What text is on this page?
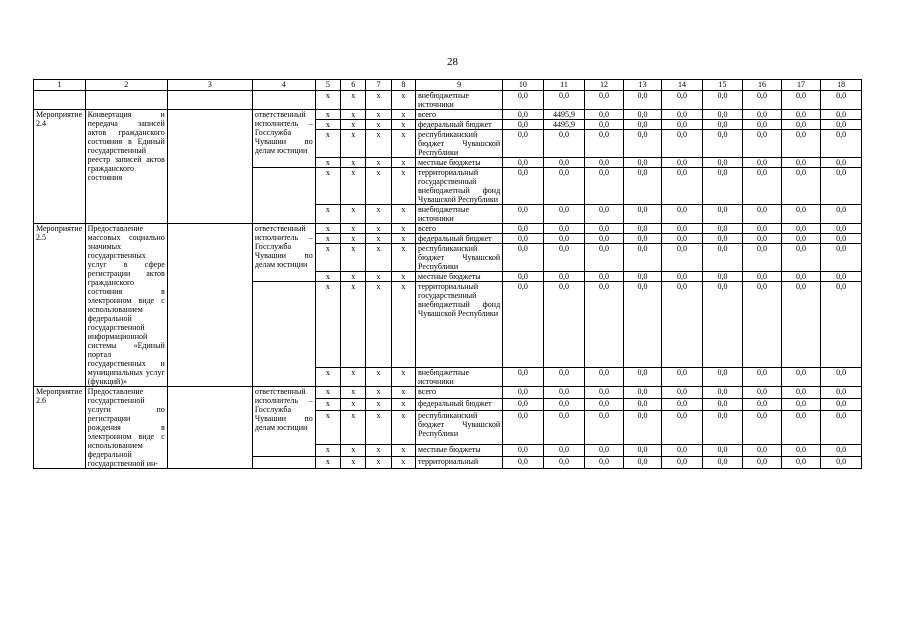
28
1	2	3	4	5	6	7	8	9	10	11	12	13	14	15	16	17	18
				x	x	x	x	внебюджетные источники	0,0	0,0	0,0	0,0	0,0	0,0	0,0	0,0	0,0
Мероприятие 2.4	Конвертация и передача записей актов гражданского состояния в Единый государственный реестр записей актов гражданского состояния		ответственный исполнитель – Госслужба Чувашии по делам юстиции	x	x	x	x	всего	0,0	4495,9	0,0	0,0	0,0	0,0	0,0	0,0	0,0
				x	x	x	x	федеральный бюджет	0,0	4495,9	0,0	0,0	0,0	0,0	0,0	0,0	0,0
				x	x	x	x	республиканский бюджет Чувашской Республики	0,0	0,0	0,0	0,0	0,0	0,0	0,0	0,0	0,0
				x	x	x	x	местные бюджеты	0,0	0,0	0,0	0,0	0,0	0,0	0,0	0,0	0,0
				x	x	x	x	территориальный государственный внебюджетный фонд Чувашской Республики	0,0	0,0	0,0	0,0	0,0	0,0	0,0	0,0	0,0
				x	x	x	x	внебюджетные источники	0,0	0,0	0,0	0,0	0,0	0,0	0,0	0,0	0,0
Мероприятие 2.5	Предоставление массовых социально значимых государственных услуг в сфере регистрации актов гражданского состояния в электронном виде с использованием федеральной государственной информационной системы «Единый портал государственных и муниципальных услуг (функций)»		ответственный исполнитель – Госслужба Чувашии по делам юстиции	x	x	x	x	всего	0,0	0,0	0,0	0,0	0,0	0,0	0,0	0,0	0,0
				x	x	x	x	федеральный бюджет	0,0	0,0	0,0	0,0	0,0	0,0	0,0	0,0	0,0
				x	x	x	x	республиканский бюджет Чувашской Республики	0,0	0,0	0,0	0,0	0,0	0,0	0,0	0,0	0,0
				x	x	x	x	местные бюджеты	0,0	0,0	0,0	0,0	0,0	0,0	0,0	0,0	0,0
				x	x	x	x	территориальный государственный внебюджетный фонд Чувашской Республики	0,0	0,0	0,0	0,0	0,0	0,0	0,0	0,0	0,0
				x	x	x	x	внебюджетные источники	0,0	0,0	0,0	0,0	0,0	0,0	0,0	0,0	0,0
Мероприятие 2.6	Предоставление государственной услуги по регистрации рождения в электронном виде с использованием федеральной государственной ин-		ответственный исполнитель – Госслужба Чувашии по делам юстиции	x	x	x	x	всего	0,0	0,0	0,0	0,0	0,0	0,0	0,0	0,0	0,0
				x	x	x	x	федеральный бюджет	0,0	0,0	0,0	0,0	0,0	0,0	0,0	0,0	0,0
				x	x	x	x	республиканский бюджет Чувашской Республики	0,0	0,0	0,0	0,0	0,0	0,0	0,0	0,0	0,0
				x	x	x	x	местные бюджеты	0,0	0,0	0,0	0,0	0,0	0,0	0,0	0,0	0,0
				x	x	x	x	территориальный	0,0	0,0	0,0	0,0	0,0	0,0	0,0	0,0	0,0
